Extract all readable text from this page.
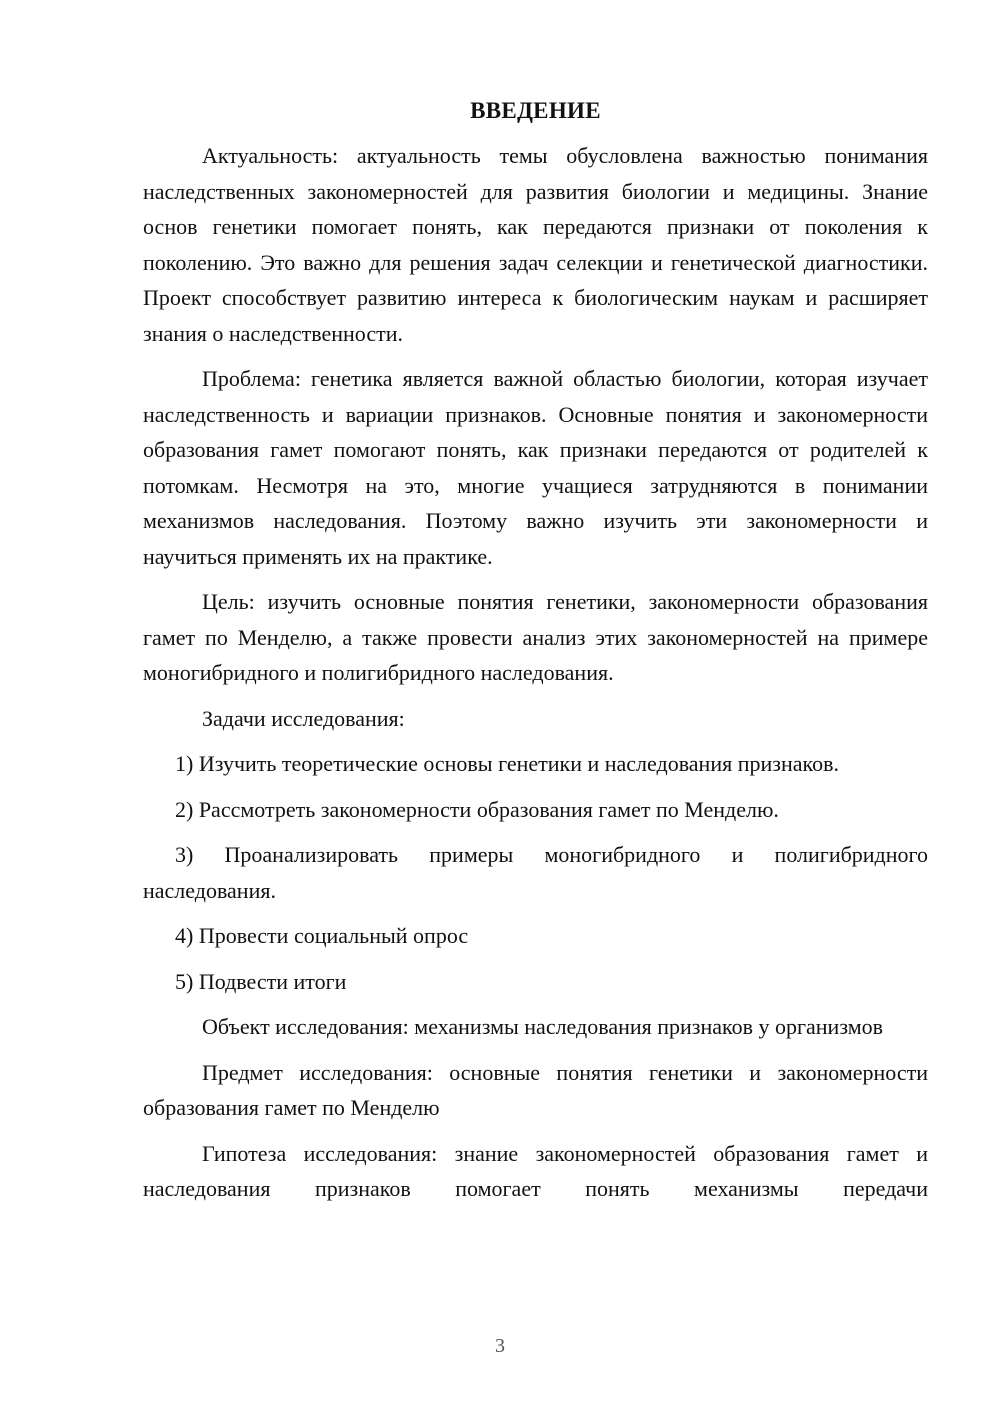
ВВЕДЕНИЕ

Актуальность: актуальность темы обусловлена важностью понимания наследственных закономерностей для развития биологии и медицины. Знание основ генетики помогает понять, как передаются признаки от поколения к поколению. Это важно для решения задач селекции и генетической диагностики. Проект способствует развитию интереса к биологическим наукам и расширяет знания о наследственности.

Проблема: генетика является важной областью биологии, которая изучает наследственность и вариации признаков. Основные понятия и закономерности образования гамет помогают понять, как признаки передаются от родителей к потомкам. Несмотря на это, многие учащиеся затрудняются в понимании механизмов наследования. Поэтому важно изучить эти закономерности и научиться применять их на практике.

Цель: изучить основные понятия генетики, закономерности образования гамет по Менделю, а также провести анализ этих закономерностей на примере моногибридного и полигибридного наследования.

Задачи исследования:

1) Изучить теоретические основы генетики и наследования признаков.

2) Рассмотреть закономерности образования гамет по Менделю.

3) Проанализировать примеры моногибридного и полигибридного наследования.

4) Провести социальный опрос

5) Подвести итоги

Объект исследования: механизмы наследования признаков у организмов

Предмет исследования: основные понятия генетики и закономерности образования гамет по Менделю

Гипотеза исследования: знание закономерностей образования гамет и наследования признаков помогает понять механизмы передачи

3
